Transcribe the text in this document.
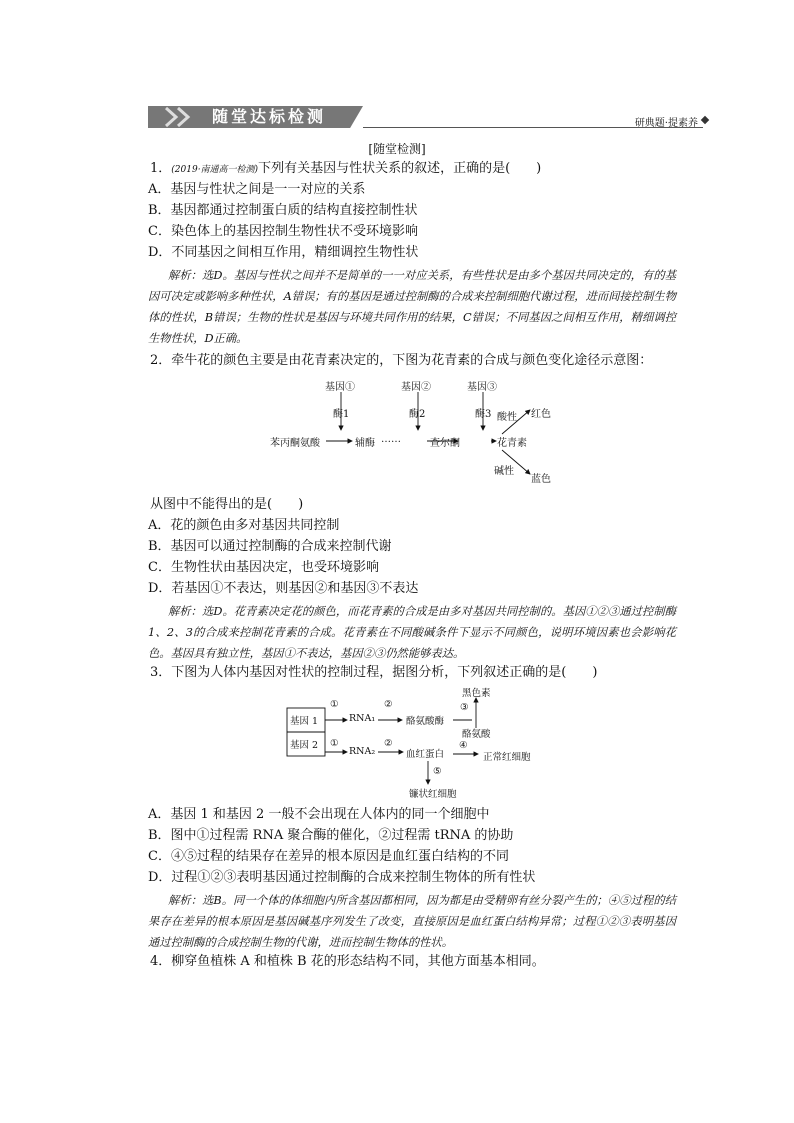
随堂达标检测	研典题·提素养
[随堂检测]
1．(2019·南通高一检测)下列有关基因与性状关系的叙述，正确的是(　　)
A．基因与性状之间是一一对应的关系
B．基因都通过控制蛋白质的结构直接控制性状
C．染色体上的基因控制生物性状不受环境影响
D．不同基因之间相互作用，精细调控生物性状
解析：选D。基因与性状之间并不是简单的一一对应关系，有些性状是由多个基因共同决定的，有的基因可决定或影响多种性状，A错误；有的基因是通过控制酶的合成来控制细胞代谢过程，进而间接控制生物体的性状，B错误；生物的性状是基因与环境共同作用的结果，C错误；不同基因之间相互作用，精细调控生物性状，D正确。
2．牵牛花的颜色主要是由花青素决定的，下图为花青素的合成与颜色变化途径示意图：
基因①	基因②	基因③
酶1	酶2	酶3 酸性 红色
苯丙酮氨酸	辅酶 ……	查尔酮	花青素
碱性
蓝色
从图中不能得出的是(　　)
A．花的颜色由多对基因共同控制
B．基因可以通过控制酶的合成来控制代谢
C．生物性状由基因决定，也受环境影响
D．若基因①不表达，则基因②和基因③不表达
解析：选D。花青素决定花的颜色，而花青素的合成是由多对基因共同控制的。基因①②③通过控制酶1、2、3的合成来控制花青素的合成。花青素在不同酸碱条件下显示不同颜色，说明环境因素也会影响花色。基因具有独立性，基因①不表达，基因②③仍然能够表达。
3．下图为人体内基因对性状的控制过程，据图分析，下列叙述正确的是(　　)
基因 1
基因 2
①
RNA₁
②
酪氨酸酶
黑色素
③
酪氨酸
①
RNA₂
②
血红蛋白
④
正常红细胞
⑤
镰状红细胞
A．基因 1 和基因 2 一般不会出现在人体内的同一个细胞中
B．图中①过程需 RNA 聚合酶的催化，②过程需 tRNA 的协助
C．④⑤过程的结果存在差异的根本原因是血红蛋白结构的不同
D．过程①②③表明基因通过控制酶的合成来控制生物体的所有性状
解析：选B。同一个体的体细胞内所含基因都相同，因为都是由受精卵有丝分裂产生的；④⑤过程的结果存在差异的根本原因是基因碱基序列发生了改变，直接原因是血红蛋白结构异常；过程①②③表明基因通过控制酶的合成控制生物的代谢，进而控制生物体的性状。
4．柳穿鱼植株 A 和植株 B 花的形态结构不同，其他方面基本相同。
